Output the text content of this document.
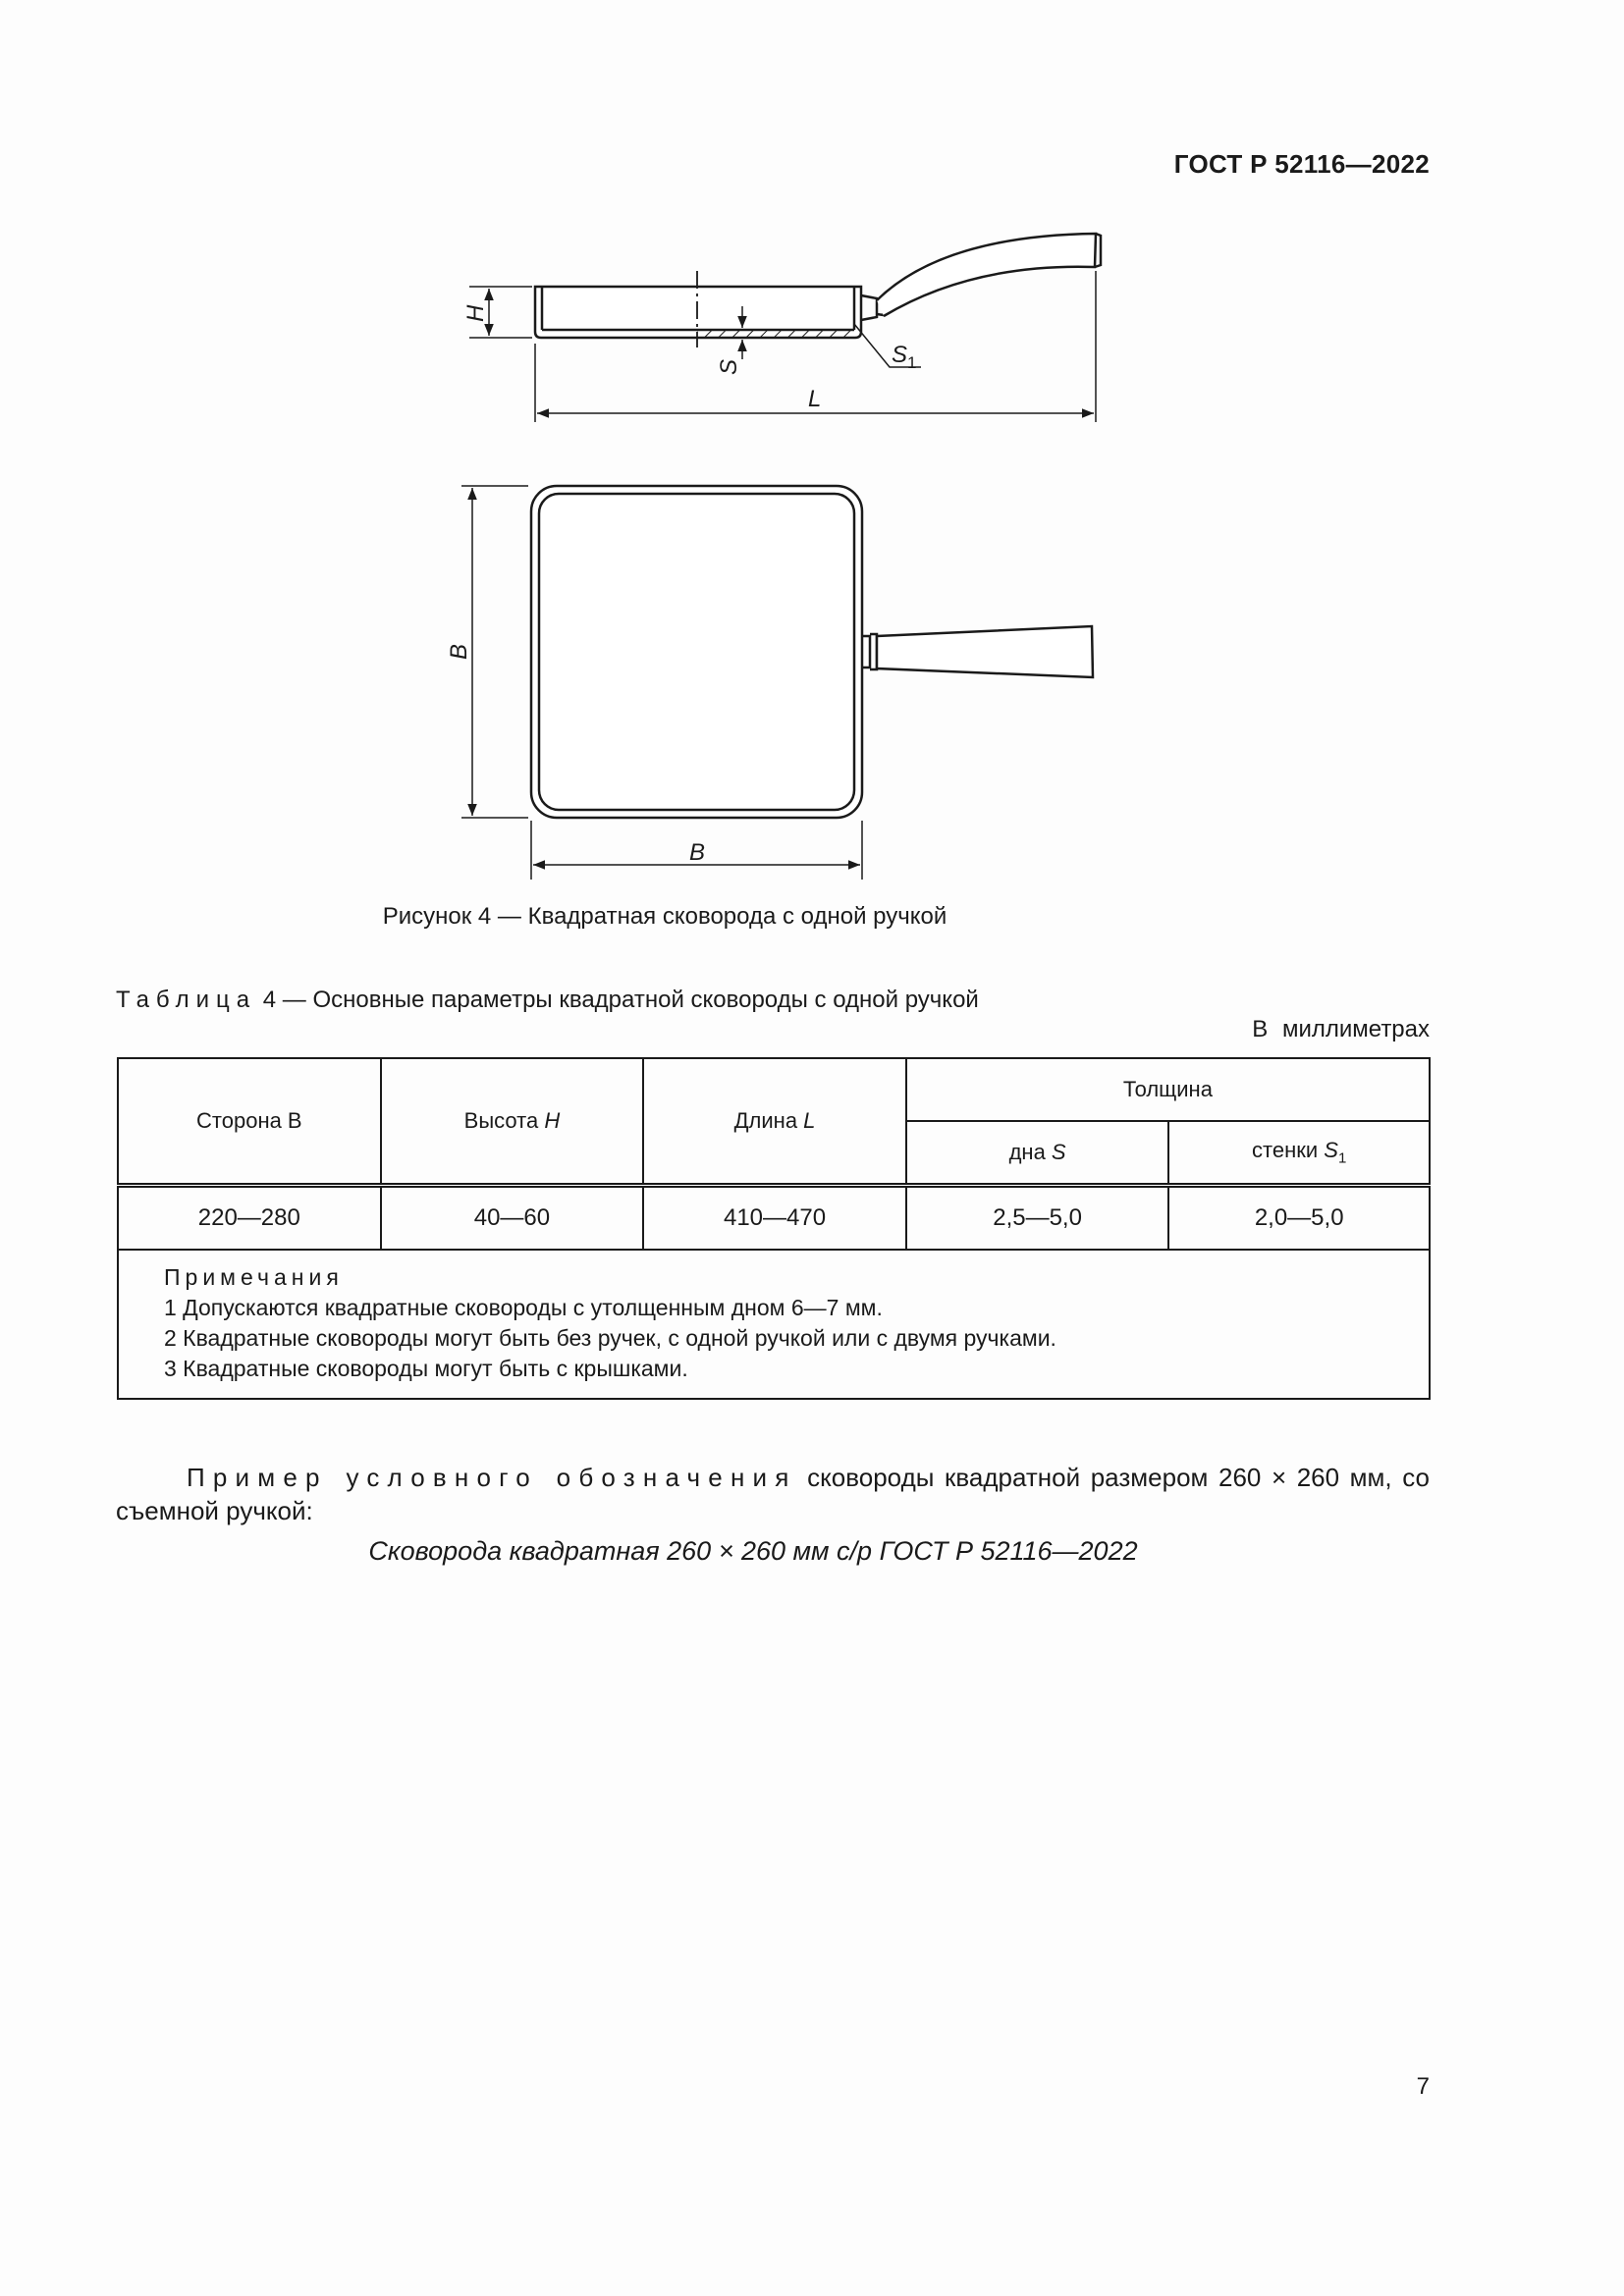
ГОСТ Р 52116—2022
H
S	$S_1$
L
B
B
Рисунок 4 — Квадратная сковорода с одной ручкой
Таблица 4 — Основные параметры квадратной сковороды с одной ручкой
В миллиметрах
Сторона В	Высота H	Длина L	Толщина	
			дна S	стенки $S_1$
220—280	40—60	410—470	2,5—5,0	2,0—5,0

Примечания
1 Допускаются квадратные сковороды с утолщенным дном 6—7 мм.
2 Квадратные сковороды могут быть без ручек, с одной ручкой или с двумя ручками.
3 Квадратные сковороды могут быть с крышками.				
Пример условного обозначения сковороды квадратной размером 260 × 260 мм, со съемной ручкой:
Сковорода квадратная 260 × 260 мм с/р ГОСТ Р 52116—2022
7
